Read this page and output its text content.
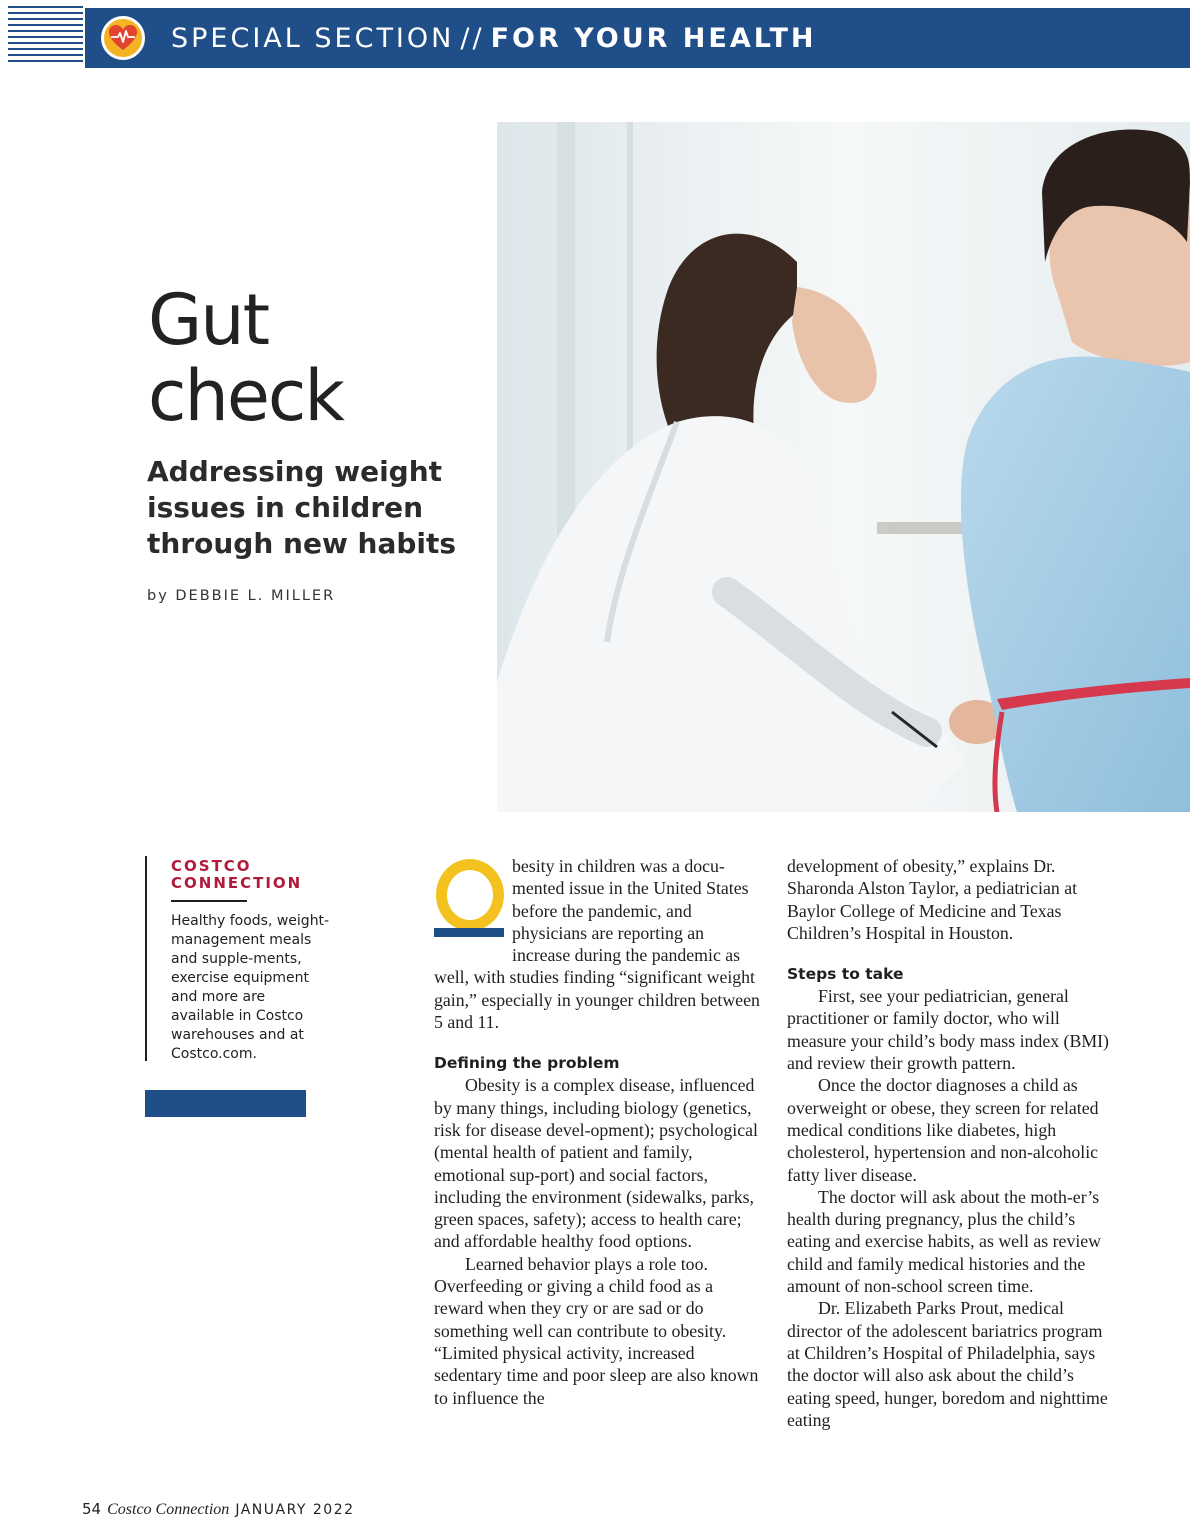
SPECIAL SECTION // FOR YOUR HEALTH
Gut
check
Addressing weight issues in children through new habits
by DEBBIE L. MILLER
COSTCO
CONNECTION
Healthy foods, weight-management meals and supple-ments, exercise equipment and more are available in Costco warehouses and at Costco.com.

besity in children was a docu-mented issue in the United States before the pandemic, and physicians are reporting an increase during the pandemic as well, with studies finding “significant weight gain,” especially in younger children between 5 and 11.

Defining the problem

Obesity is a complex disease, influenced by many things, including biology (genetics, risk for disease devel-opment); psychological (mental health of patient and family, emotional sup-port) and social factors, including the environment (sidewalks, parks, green spaces, safety); access to health care; and affordable healthy food options.

Learned behavior plays a role too. Overfeeding or giving a child food as a reward when they cry or are sad or do something well can contribute to obesity. “Limited physical activity, increased sedentary time and poor sleep are also known to influence the

development of obesity,” explains Dr. Sharonda Alston Taylor, a pediatrician at Baylor College of Medicine and Texas Children’s Hospital in Houston.

Steps to take

First, see your pediatrician, general practitioner or family doctor, who will measure your child’s body mass index (BMI) and review their growth pattern.

Once the doctor diagnoses a child as overweight or obese, they screen for related medical conditions like diabetes, high cholesterol, hypertension and non-alcoholic fatty liver disease.

The doctor will ask about the moth-er’s health during pregnancy, plus the child’s eating and exercise habits, as well as review child and family medical histories and the amount of non-school screen time.

Dr. Elizabeth Parks Prout, medical director of the adolescent bariatrics program at Children’s Hospital of Philadelphia, says the doctor will also ask about the child’s eating speed, hunger, boredom and nighttime eating

54 Costco Connection JANUARY 2022
